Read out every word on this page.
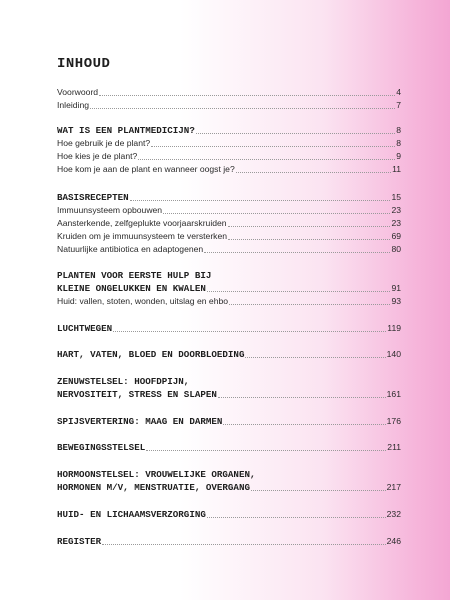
INHOUD
Voorwoord	4
Inleiding	7
WAT IS EEN PLANTMEDICIJN?	8
Hoe gebruik je de plant?	8
Hoe kies je de plant?	9
Hoe kom je aan de plant en wanneer oogst je?	11
BASISRECEPTEN	15
Immuunsysteem opbouwen	23
Aansterkende, zelfgeplukte voorjaarskruiden	23
Kruiden om je immuunsysteem te versterken	69
Natuurlijke antibiotica en adaptogenen	80
PLANTEN VOOR EERSTE HULP BIJ
KLEINE ONGELUKKEN EN KWALEN	91
Huid: vallen, stoten, wonden, uitslag en ehbo	93
LUCHTWEGEN	119
HART, VATEN, BLOED EN DOORBLOEDING	140
ZENUWSTELSEL: HOOFDPIJN,
NERVOSITEIT, STRESS EN SLAPEN	161
SPIJSVERTERING: MAAG EN DARMEN	176
BEWEGINGSSTELSEL	211
HORMOONSTELSEL: VROUWELIJKE ORGANEN,
HORMONEN M/V, MENSTRUATIE, OVERGANG	217
HUID- EN LICHAAMSVERZORGING	232
REGISTER	246
